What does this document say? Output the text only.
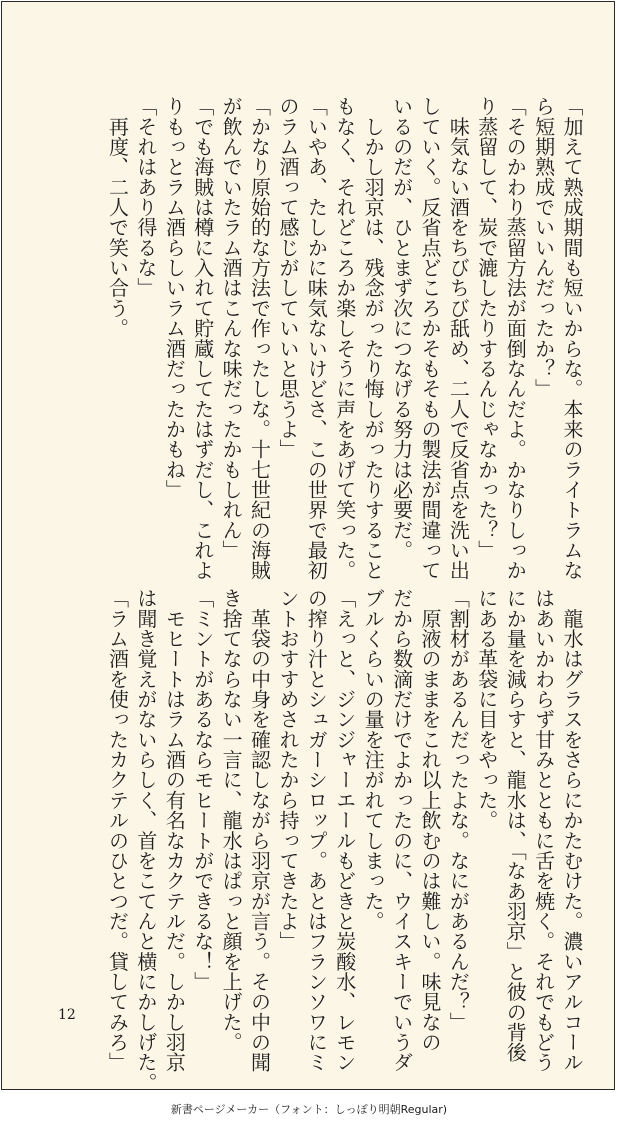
「加えて熟成期間も短いからな。本来のライトラムな
ら短期熟成でいいんだったか？」
「そのかわり蒸留方法が面倒なんだよ。かなりしっか
り蒸留して、炭で漉したりするんじゃなかった？」
　味気ない酒をちびちび舐め、二人で反省点を洗い出
していく。反省点どころかそもそもの製法が間違って
いるのだが、ひとまず次につなげる努力は必要だ。
　しかし羽京は、残念がったり悔しがったりすること
もなく、それどころか楽しそうに声をあげて笑った。
「いやあ、たしかに味気ないけどさ、この世界で最初
のラム酒って感じがしていいと思うよ」
「かなり原始的な方法で作ったしな。十七世紀の海賊
が飲んでいたラム酒はこんな味だったかもしれん」
「でも海賊は樽に入れて貯蔵してたはずだし、これよ
りもっとラム酒らしいラム酒だったかもね」
「それはあり得るな」
　再度、二人で笑い合う。
　龍水はグラスをさらにかたむけた。濃いアルコール
はあいかわらず甘みとともに舌を焼く。それでもどう
にか量を減らすと、龍水は、「なあ羽京」と彼の背後
にある革袋に目をやった。
「割材があるんだったよな。なにがあるんだ？」
　原液のままをこれ以上飲むのは難しい。味見なの
だから数滴だけでよかったのに、ウイスキーでいうダ
ブルくらいの量を注がれてしまった。
「えっと、ジンジャーエールもどきと炭酸水、レモン
の搾り汁とシュガーシロップ。あとはフランソワにミ
ントおすすめされたから持ってきたよ」
　革袋の中身を確認しながら羽京が言う。その中の聞
き捨てならない一言に、龍水はぱっと顔を上げた。
「ミントがあるならモヒートができるな！」
　モヒートはラム酒の有名なカクテルだ。しかし羽京
は聞き覚えがないらしく、首をこてんと横にかしげた。
「ラム酒を使ったカクテルのひとつだ。貸してみろ」
12
新書ページメーカー（フォント：しっぽり明朝Regular)
